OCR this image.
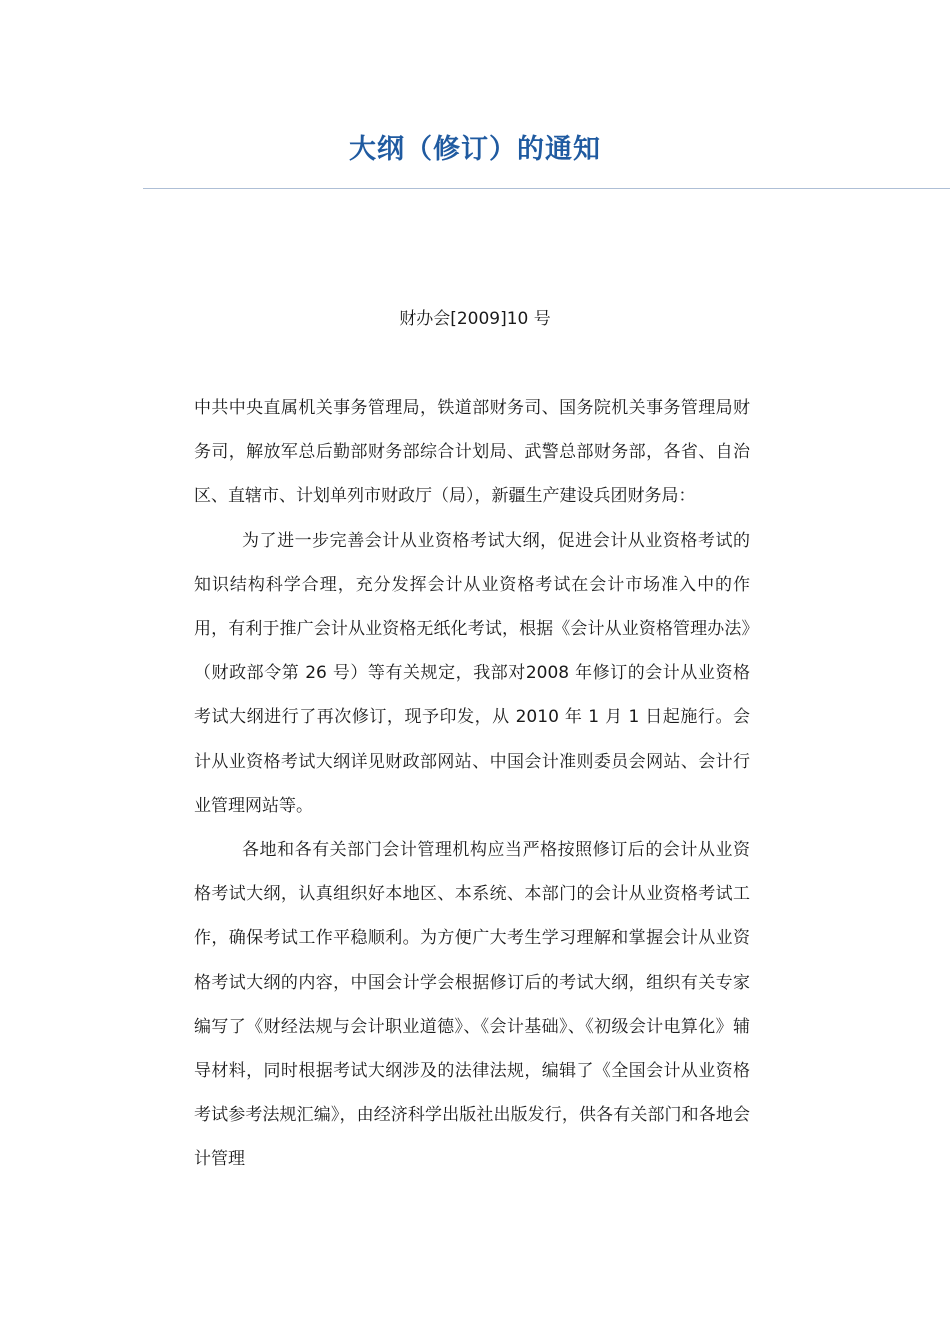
大纲（修订）的通知

财办会[2009]10 号

中共中央直属机关事务管理局，铁道部财务司、国务院机关事务管理局财务司，解放军总后勤部财务部综合计划局、武警总部财务部，各省、自治区、直辖市、计划单列市财政厅（局），新疆生产建设兵团财务局：

为了进一步完善会计从业资格考试大纲，促进会计从业资格考试的知识结构科学合理，充分发挥会计从业资格考试在会计市场准入中的作用，有利于推广会计从业资格无纸化考试，根据《会计从业资格管理办法》（财政部令第 26 号）等有关规定，我部对2008 年修订的会计从业资格考试大纲进行了再次修订，现予印发，从 2010 年 1 月 1 日起施行。会计从业资格考试大纲详见财政部网站、中国会计准则委员会网站、会计行业管理网站等。

各地和各有关部门会计管理机构应当严格按照修订后的会计从业资格考试大纲，认真组织好本地区、本系统、本部门的会计从业资格考试工作，确保考试工作平稳顺利。为方便广大考生学习理解和掌握会计从业资格考试大纲的内容，中国会计学会根据修订后的考试大纲，组织有关专家编写了《财经法规与会计职业道德》、《会计基础》、《初级会计电算化》辅导材料，同时根据考试大纲涉及的法律法规，编辑了《全国会计从业资格考试参考法规汇编》，由经济科学出版社出版发行，供各有关部门和各地会计管理
